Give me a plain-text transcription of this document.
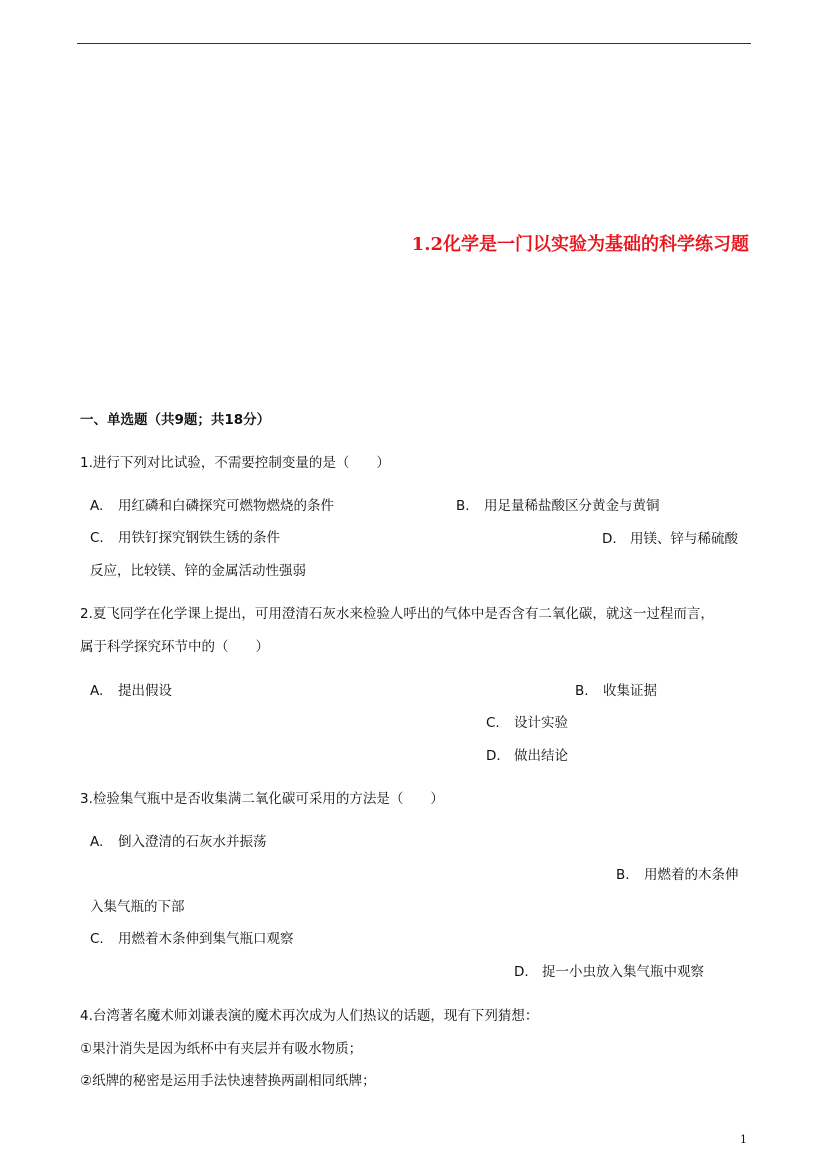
1.2化学是一门以实验为基础的科学练习题
一、单选题（共9题；共18分）
1.进行下列对比试验，不需要控制变量的是（　　）
A. 用红磷和白磷探究可燃物燃烧的条件	B. 用足量稀盐酸区分黄金与黄铜
C. 用铁钉探究钢铁生锈的条件	D. 用镁、锌与稀硫酸
反应，比较镁、锌的金属活动性强弱
2.夏飞同学在化学课上提出，可用澄清石灰水来检验人呼出的气体中是否含有二氧化碳，就这一过程而言，
属于科学探究环节中的（　　）
A. 提出假设	B. 收集证据
C. 设计实验
D. 做出结论
3.检验集气瓶中是否收集满二氧化碳可采用的方法是（　　）
A. 倒入澄清的石灰水并振荡
B. 用燃着的木条伸
入集气瓶的下部
C. 用燃着木条伸到集气瓶口观察
D. 捉一小虫放入集气瓶中观察
4.台湾著名魔术师刘谦表演的魔术再次成为人们热议的话题，现有下列猜想：
①果汁消失是因为纸杯中有夹层并有吸水物质；
②纸牌的秘密是运用手法快速替换两副相同纸牌；
1
